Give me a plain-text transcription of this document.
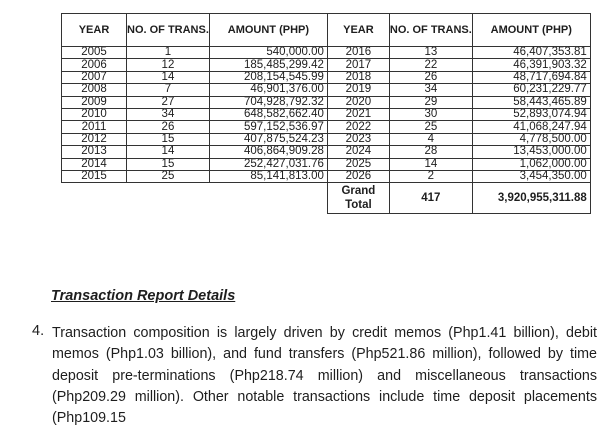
YEAR	NO. OF TRANS.	AMOUNT (PHP)	YEAR	NO. OF TRANS.	AMOUNT (PHP)
2005	1	540,000.00	2016	13	46,407,353.81
2006	12	185,485,299.42	2017	22	46,391,903.32
2007	14	208,154,545.99	2018	26	48,717,694.84
2008	7	46,901,376.00	2019	34	60,231,229.77
2009	27	704,928,792.32	2020	29	58,443,465.89
2010	34	648,582,662.40	2021	30	52,893,074.94
2011	26	597,152,536.97	2022	25	41,068,247.94
2012	15	407,875,524.23	2023	4	4,778,500.00
2013	14	406,864,909.28	2024	28	13,453,000.00
2014	15	252,427,031.76	2025	14	1,062,000.00
2015	25	85,141,813.00	2026	2	3,454,350.00
			Grand Total	417	3,920,955,311.88
Transaction Report Details
4. Transaction composition is largely driven by credit memos (Php1.41 billion), debit memos (Php1.03 billion), and fund transfers (Php521.86 million), followed by time deposit pre-terminations (Php218.74 million) and miscellaneous transactions (Php209.29 million). Other notable transactions include time deposit placements (Php109.15
